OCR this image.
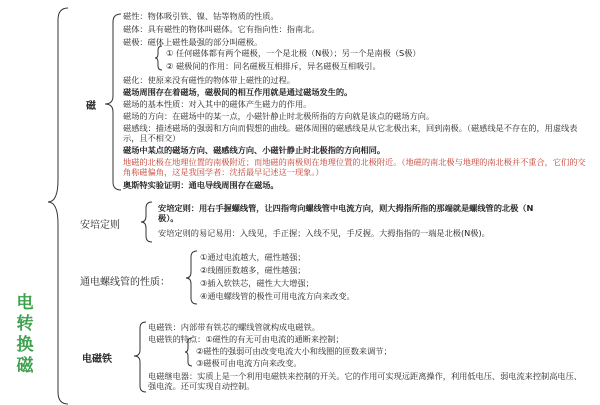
电转换磁
磁
磁性：物体吸引铁、镍、钴等物质的性质。
磁体：具有磁性的物体叫磁体。它有指向性：指南北。
磁极：磁体上磁性最强的部分叫磁极。
① 任何磁体都有两个磁极，一个是北极（N极）；另一个是南极（S极）
② 磁极间的作用：同名磁极互相排斥，异名磁极互相吸引。
磁化：使原来没有磁性的物体带上磁性的过程。
磁场周围存在着磁场，磁极间的相互作用就是通过磁场发生的。
磁场的基本性质：对入其中的磁体产生磁力的作用。
磁场的方向：在磁场中的某一点，小磁针静止时北极所指的方向就是该点的磁场方向。
磁感线：描述磁场的强弱和方向而假想的曲线。磁体周围的磁感线是从它北极出来，回到南极。（磁感线是不存在的，用虚线表示，且不相交）
磁场中某点的磁场方向、磁感线方向、小磁针静止时北极指的方向相同。
地磁的北极在地理位置的南极附近；而地磁的南极则在地理位置的北极附近。（地磁的南北极与地理的南北极并不重合，它们的交角称磁偏角，这是我国学者：沈括最早记述这一现象。）
奥斯特实验证明：通电导线周围存在磁场。
安培定则
安培定则：用右手握螺线管，让四指弯向螺线管中电流方向，则大拇指所指的那端就是螺线管的北极（N极）。
安培定则的易记易用：入线见，手正握；入线不见，手反握。大拇指指的一端是北极(N极)。
通电螺线管的性质：
①通过电流越大，磁性越强；
②线圈匝数越多，磁性越强；
③插入软铁芯，磁性大大增强；
④通电螺线管的极性可用电流方向来改变。
电磁铁
电磁铁：内部带有铁芯的螺线管就构成电磁铁。
电磁铁的特点：①磁性的有无可由电流的通断来控制；
②磁性的强弱可由改变电流大小和线圈的匝数来调节；
③磁极可由电流方向来改变。
电磁继电器：实质上是一个利用电磁铁来控制的开关。它的作用可实现远距离操作，利用低电压、弱电流来控制高电压、强电流。还可实现自动控制。
